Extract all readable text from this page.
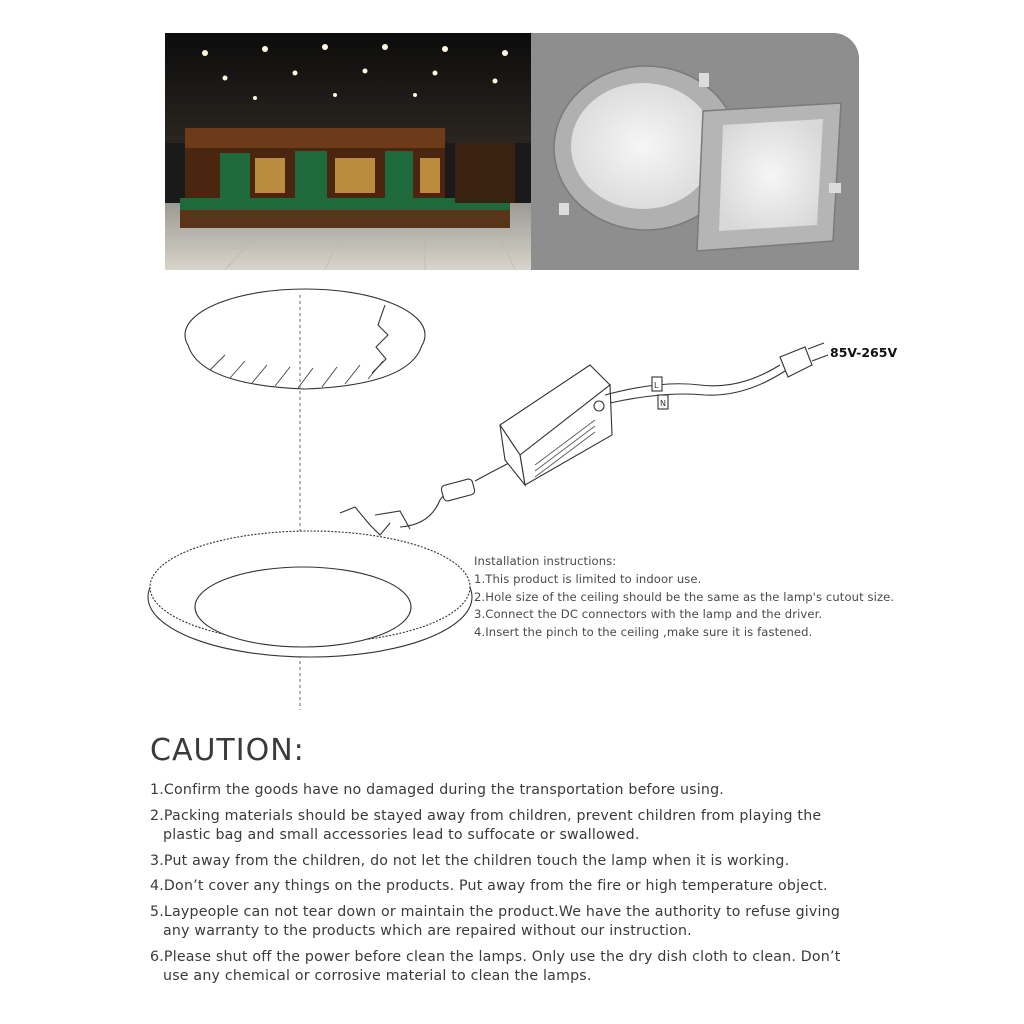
L
N
85V-265V
Installation instructions:
1.This product is limited to indoor use.
2.Hole size of the ceiling should be the same as the lamp's cutout size.
3.Connect the DC connectors with the lamp and the driver.
4.Insert the pinch to the ceiling ,make sure it is fastened.
CAUTION:
1.Confirm the goods have no damaged during the transportation before using.
2.Packing materials should be stayed away from children, prevent children from playing the
plastic bag and small accessories lead to suffocate or swallowed.
3.Put away from the children, do not let the children touch the lamp when it is working.
4.Don’t cover any things on the products. Put away from the fire or high temperature object.
5.Laypeople can not tear down or maintain the product.We have the authority to refuse giving
any warranty to the products which are repaired without our instruction.
6.Please shut off the power before clean the lamps. Only use the dry dish cloth to clean. Don’t
use any chemical or corrosive material to clean the lamps.
